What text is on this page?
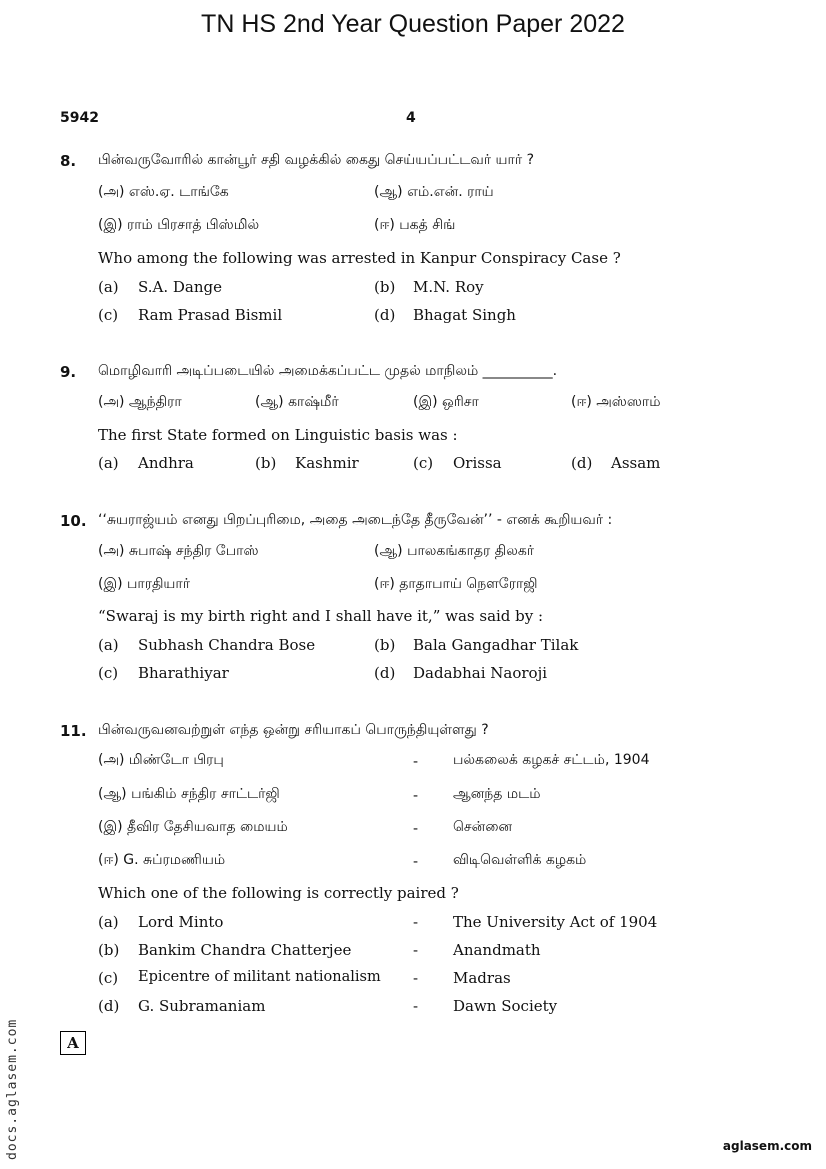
TN HS 2nd Year Question Paper 2022
5942	4
8. பின்வருவோரில் கான்பூர் சதி வழக்கில் கைது செய்யப்பட்டவர் யார் ?
(அ) எஸ்.ஏ. டாங்கே	(ஆ) எம்.என். ராய்
(இ) ராம் பிரசாத் பிஸ்மில்	(ஈ) பகத் சிங்
Who among the following was arrested in Kanpur Conspiracy Case ?
(a) S.A. Dange	(b) M.N. Roy
(c) Ram Prasad Bismil	(d) Bhagat Singh
9. மொழிவாரி அடிப்படையில் அமைக்கப்பட்ட முதல் மாநிலம் __________.
(அ) ஆந்திரா	(ஆ) காஷ்மீர்	(இ) ஒரிசா	(ஈ) அஸ்ஸாம்
The first State formed on Linguistic basis was :
(a) Andhra	(b) Kashmir	(c) Orissa	(d) Assam
10. ‘‘சுயராஜ்யம் எனது பிறப்புரிமை, அதை அடைந்தே தீருவேன்’’ - எனக் கூறியவர் :
(அ) சுபாஷ் சந்திர போஸ்	(ஆ) பாலகங்காதர திலகர்
(இ) பாரதியார்	(ஈ) தாதாபாய் நௌரோஜி
“Swaraj is my birth right and I shall have it,” was said by :
(a) Subhash Chandra Bose	(b) Bala Gangadhar Tilak
(c) Bharathiyar	(d) Dadabhai Naoroji
11. பின்வருவனவற்றுள் எந்த ஒன்று சரியாகப் பொருந்தியுள்ளது ?
(அ) மிண்டோ பிரபு	- பல்கலைக் கழகச் சட்டம், 1904
(ஆ) பங்கிம் சந்திர சாட்டர்ஜி	- ஆனந்த மடம்
(இ) தீவிர தேசியவாத மையம்	- சென்னை
(ஈ) G. சுப்ரமணியம்	- விடிவெள்ளிக் கழகம்
Which one of the following is correctly paired ?
(a) Lord Minto	- The University Act of 1904
(b) Bankim Chandra Chatterjee	- Anandmath
(c) Epicentre of militant nationalism - Madras
(d) G. Subramaniam	- Dawn Society
A
docs.aglasem.com	aglasem.com
